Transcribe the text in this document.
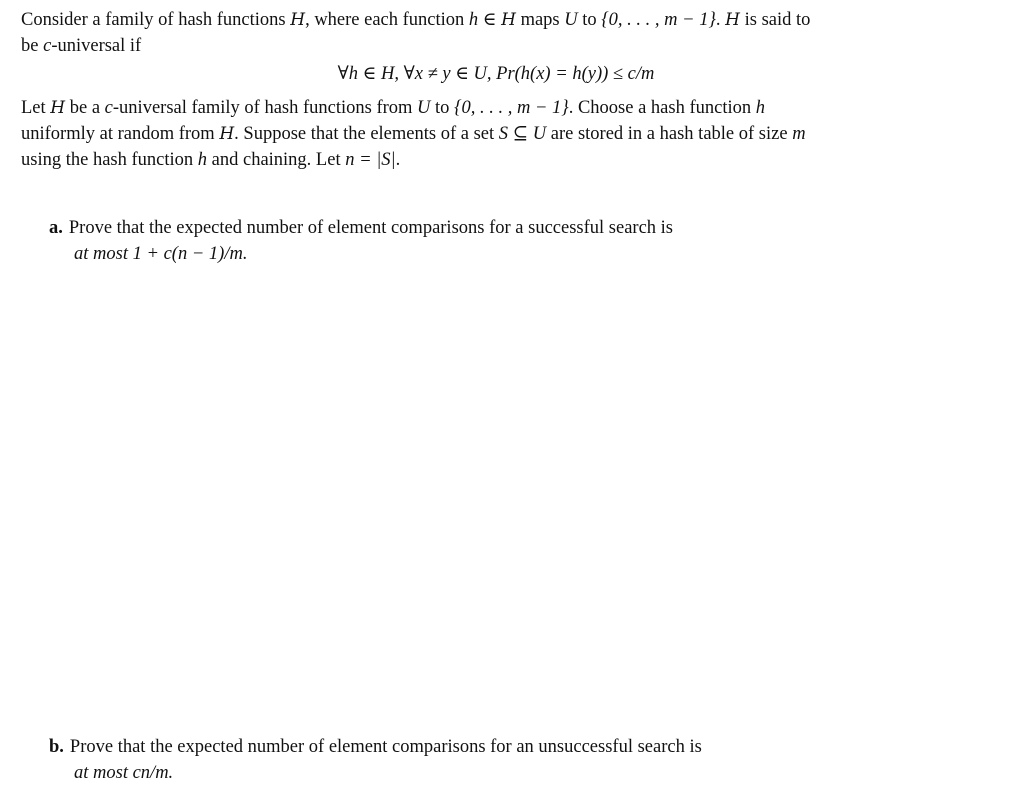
Consider a family of hash functions H, where each function h ∈ H maps U to {0, . . . , m − 1}. H is said to
be c-universal if

∀h ∈ H, ∀x ≠ y ∈ U, Pr(h(x) = h(y)) ≤ c/m

Let H be a c-universal family of hash functions from U to {0, . . . , m − 1}. Choose a hash function h
uniformly at random from H. Suppose that the elements of a set S ⊆ U are stored in a hash table of size m
using the hash function h and chaining. Let n = |S|.

a. Prove that the expected number of element comparisons for a successful search is
at most 1 + c(n − 1)/m.
b. Prove that the expected number of element comparisons for an unsuccessful search is
at most cn/m.
